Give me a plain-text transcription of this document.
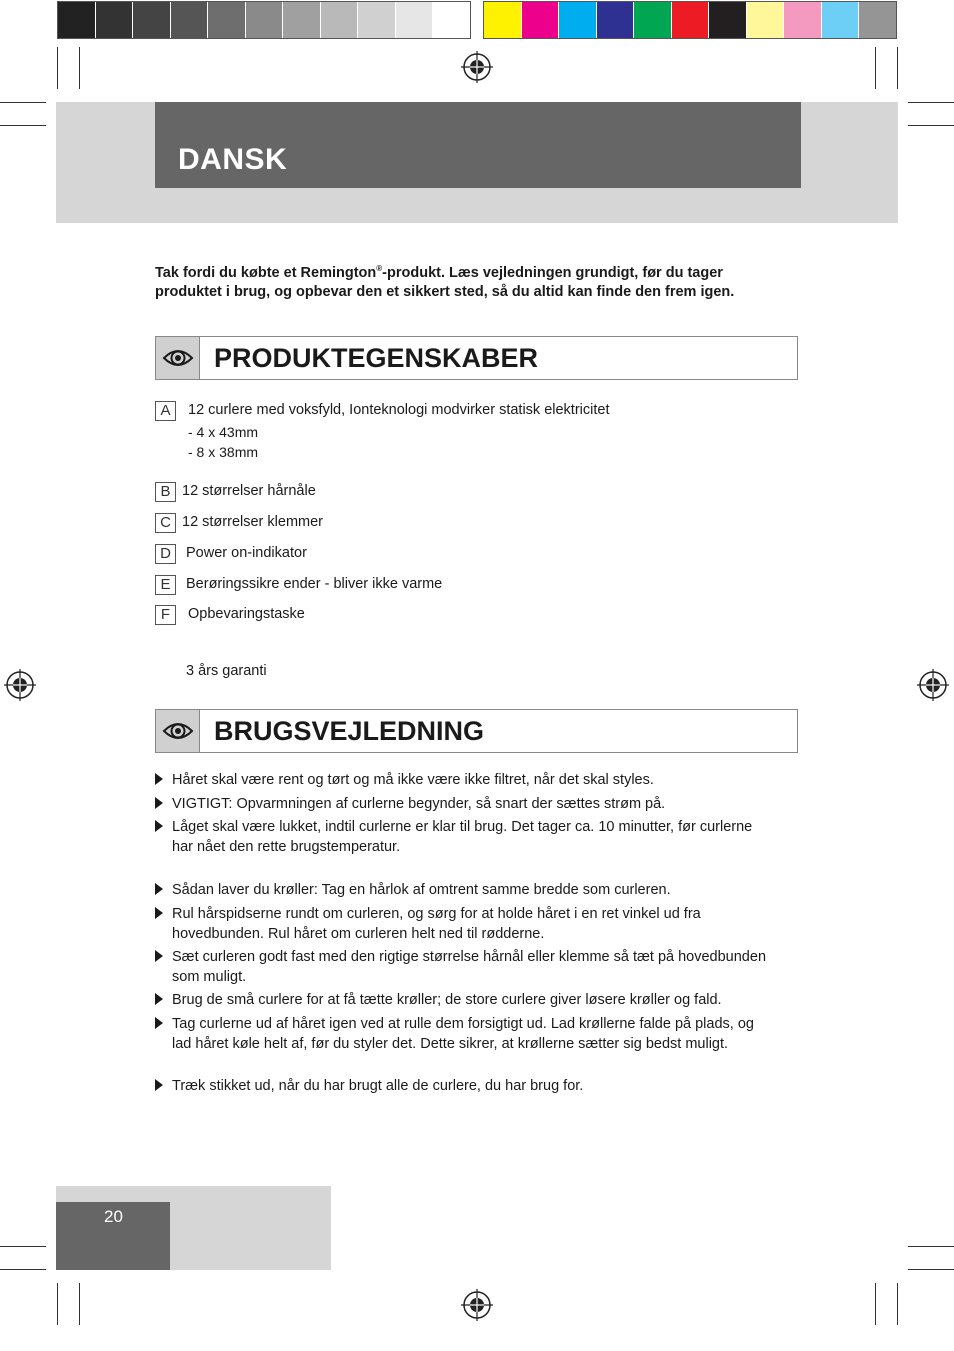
DANSK
Tak fordi du købte et Remington®-produkt. Læs vejledningen grundigt, før du tager produktet i brug, og opbevar den et sikkert sted, så du altid kan finde den frem igen.
PRODUKTEGENSKABER
A	12 curlere med voksfyld, Ionteknologi modvirker statisk elektricitet
- 4 x 43mm
- 8 x 38mm
B 12 størrelser hårnåle
C 12 størrelser klemmer
D	Power on-indikator
E	Berøringssikre ender - bliver ikke varme
F	Opbevaringstaske
3 års garanti
BRUGSVEJLEDNING
Håret skal være rent og tørt og må ikke være ikke filtret, når det skal styles.
VIGTIGT: Opvarmningen af curlerne begynder, så snart der sættes strøm på.
Låget skal være lukket, indtil curlerne er klar til brug. Det tager ca. 10 minutter, før curlerne har nået den rette brugstemperatur.
Sådan laver du krøller: Tag en hårlok af omtrent samme bredde som curleren.
Rul hårspidserne rundt om curleren, og sørg for at holde håret i en ret vinkel ud fra hovedbunden. Rul håret om curleren helt ned til rødderne.
Sæt curleren godt fast med den rigtige størrelse hårnål eller klemme så tæt på hovedbunden som muligt.
Brug de små curlere for at få tætte krøller; de store curlere giver løsere krøller og fald.
Tag curlerne ud af håret igen ved at rulle dem forsigtigt ud. Lad krøllerne falde på plads, og lad håret køle helt af, før du styler det. Dette sikrer, at krøllerne sætter sig bedst muligt.
Træk stikket ud, når du har brugt alle de curlere, du har brug for.
20
